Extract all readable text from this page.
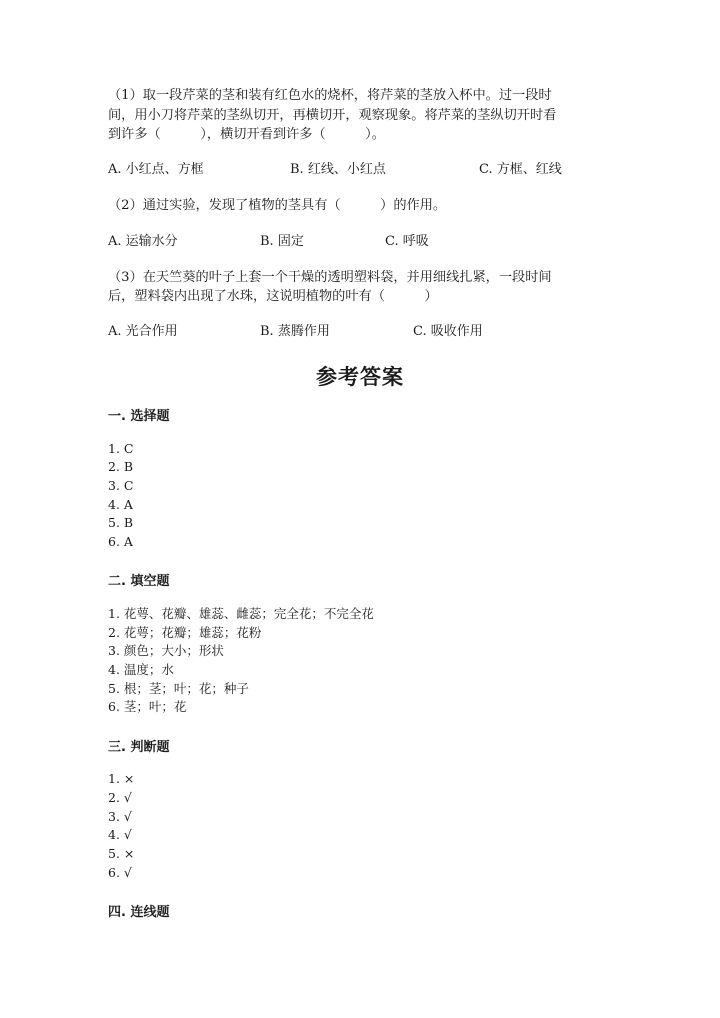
（1）取一段芹菜的茎和装有红色水的烧杯，将芹菜的茎放入杯中。过一段时
间，用小刀将芹菜的茎纵切开，再横切开，观察现象。将芹菜的茎纵切开时看
到许多（　　　），横切开看到许多（　　　）。
A. 小红点、方框	B. 红线、小红点	C. 方框、红线
（2）通过实验，发现了植物的茎具有（　　　）的作用。
A. 运输水分	B. 固定	C. 呼吸
（3）在天竺葵的叶子上套一个干燥的透明塑料袋，并用细线扎紧，一段时间
后，塑料袋内出现了水珠，这说明植物的叶有（　　　）
A. 光合作用	B. 蒸腾作用	C. 吸收作用
参考答案
一. 选择题
1. C
2. B
3. C
4. A
5. B
6. A
二. 填空题
1. 花萼、花瓣、雄蕊、雌蕊；完全花；不完全花
2. 花萼；花瓣；雄蕊；花粉
3. 颜色；大小；形状
4. 温度；水
5. 根；茎；叶；花；种子
6. 茎；叶；花
三. 判断题
1. ×
2. √
3. √
4. √
5. ×
6. √
四. 连线题
